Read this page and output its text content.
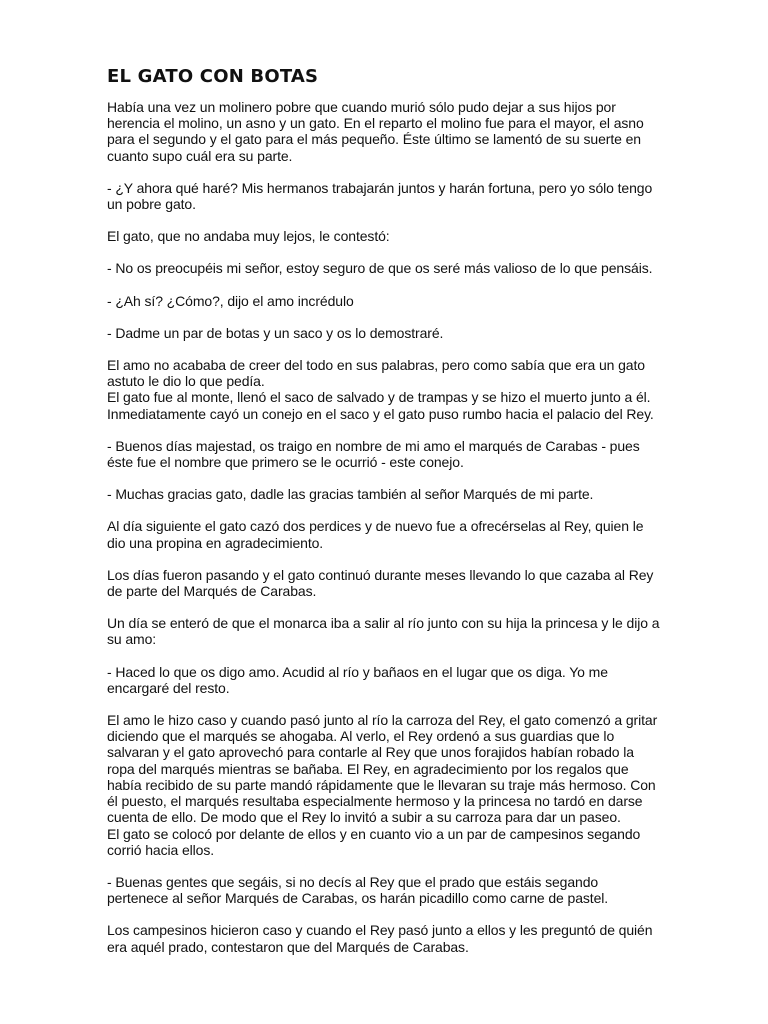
EL GATO CON BOTAS

Había una vez un molinero pobre que cuando murió sólo pudo dejar a sus hijos por
herencia el molino, un asno y un gato. En el reparto el molino fue para el mayor, el asno
para el segundo y el gato para el más pequeño. Éste último se lamentó de su suerte en
cuanto supo cuál era su parte.

- ¿Y ahora qué haré? Mis hermanos trabajarán juntos y harán fortuna, pero yo sólo tengo
un pobre gato.

El gato, que no andaba muy lejos, le contestó:

- No os preocupéis mi señor, estoy seguro de que os seré más valioso de lo que pensáis.

- ¿Ah sí? ¿Cómo?, dijo el amo incrédulo

- Dadme un par de botas y un saco y os lo demostraré.

El amo no acababa de creer del todo en sus palabras, pero como sabía que era un gato
astuto le dio lo que pedía.
El gato fue al monte, llenó el saco de salvado y de trampas y se hizo el muerto junto a él.
Inmediatamente cayó un conejo en el saco y el gato puso rumbo hacia el palacio del Rey.

- Buenos días majestad, os traigo en nombre de mi amo el marqués de Carabas - pues
éste fue el nombre que primero se le ocurrió - este conejo.

- Muchas gracias gato, dadle las gracias también al señor Marqués de mi parte.

Al día siguiente el gato cazó dos perdices y de nuevo fue a ofrecérselas al Rey, quien le
dio una propina en agradecimiento.

Los días fueron pasando y el gato continuó durante meses llevando lo que cazaba al Rey
de parte del Marqués de Carabas.

Un día se enteró de que el monarca iba a salir al río junto con su hija la princesa y le dijo a
su amo:

- Haced lo que os digo amo. Acudid al río y bañaos en el lugar que os diga. Yo me
encargaré del resto.

El amo le hizo caso y cuando pasó junto al río la carroza del Rey, el gato comenzó a gritar
diciendo que el marqués se ahogaba. Al verlo, el Rey ordenó a sus guardias que lo
salvaran y el gato aprovechó para contarle al Rey que unos forajidos habían robado la
ropa del marqués mientras se bañaba. El Rey, en agradecimiento por los regalos que
había recibido de su parte mandó rápidamente que le llevaran su traje más hermoso. Con
él puesto, el marqués resultaba especialmente hermoso y la princesa no tardó en darse
cuenta de ello. De modo que el Rey lo invitó a subir a su carroza para dar un paseo.
El gato se colocó por delante de ellos y en cuanto vio a un par de campesinos segando
corrió hacia ellos.

- Buenas gentes que segáis, si no decís al Rey que el prado que estáis segando
pertenece al señor Marqués de Carabas, os harán picadillo como carne de pastel.

Los campesinos hicieron caso y cuando el Rey pasó junto a ellos y les preguntó de quién
era aquél prado, contestaron que del Marqués de Carabas.
